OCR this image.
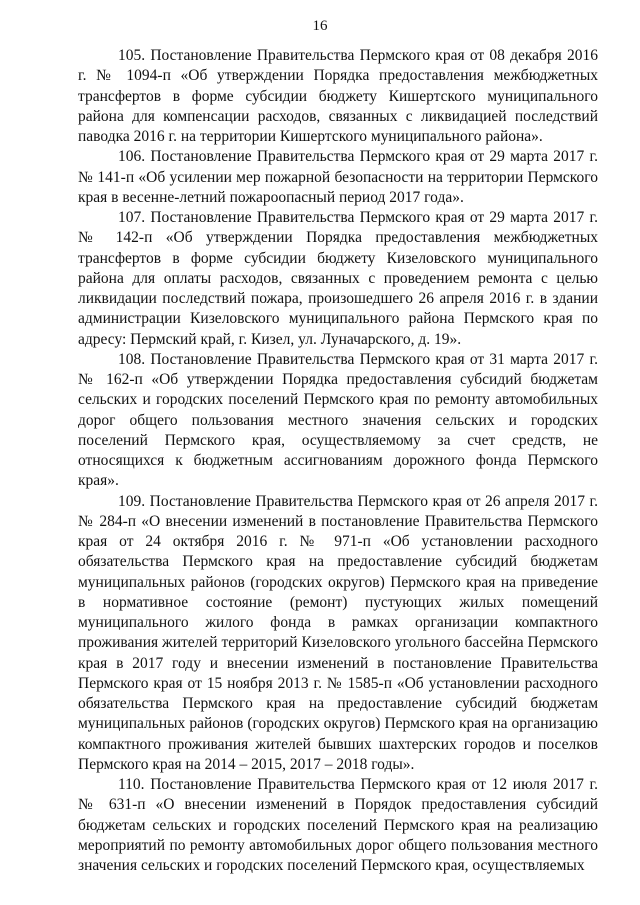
16

105. Постановление Правительства Пермского края от 08 декабря 2016 г. № 1094-п «Об утверждении Порядка предоставления межбюджетных трансфертов в форме субсидии бюджету Кишертского муниципального района для компенсации расходов, связанных с ликвидацией последствий паводка 2016 г. на территории Кишертского муниципального района».

106. Постановление Правительства Пермского края от 29 марта 2017 г. № 141-п «Об усилении мер пожарной безопасности на территории Пермского края в весенне-летний пожароопасный период 2017 года».

107. Постановление Правительства Пермского края от 29 марта 2017 г. № 142-п «Об утверждении Порядка предоставления межбюджетных трансфертов в форме субсидии бюджету Кизеловского муниципального района для оплаты расходов, связанных с проведением ремонта с целью ликвидации последствий пожара, произошедшего 26 апреля 2016 г. в здании администрации Кизеловского муниципального района Пермского края по адресу: Пермский край, г. Кизел, ул. Луначарского, д. 19».

108. Постановление Правительства Пермского края от 31 марта 2017 г. № 162-п «Об утверждении Порядка предоставления субсидий бюджетам сельских и городских поселений Пермского края по ремонту автомобильных дорог общего пользования местного значения сельских и городских поселений Пермского края, осуществляемому за счет средств, не относящихся к бюджетным ассигнованиям дорожного фонда Пермского края».

109. Постановление Правительства Пермского края от 26 апреля 2017 г. № 284-п «О внесении изменений в постановление Правительства Пермского края от 24 октября 2016 г. № 971-п «Об установлении расходного обязательства Пермского края на предоставление субсидий бюджетам муниципальных районов (городских округов) Пермского края на приведение в нормативное состояние (ремонт) пустующих жилых помещений муниципального жилого фонда в рамках организации компактного проживания жителей территорий Кизеловского угольного бассейна Пермского края в 2017 году и внесении изменений в постановление Правительства Пермского края от 15 ноября 2013 г. № 1585-п «Об установлении расходного обязательства Пермского края на предоставление субсидий бюджетам муниципальных районов (городских округов) Пермского края на организацию компактного проживания жителей бывших шахтерских городов и поселков Пермского края на 2014 – 2015, 2017 – 2018 годы».

110. Постановление Правительства Пермского края от 12 июля 2017 г. № 631-п «О внесении изменений в Порядок предоставления субсидий бюджетам сельских и городских поселений Пермского края на реализацию мероприятий по ремонту автомобильных дорог общего пользования местного значения сельских и городских поселений Пермского края, осуществляемых
